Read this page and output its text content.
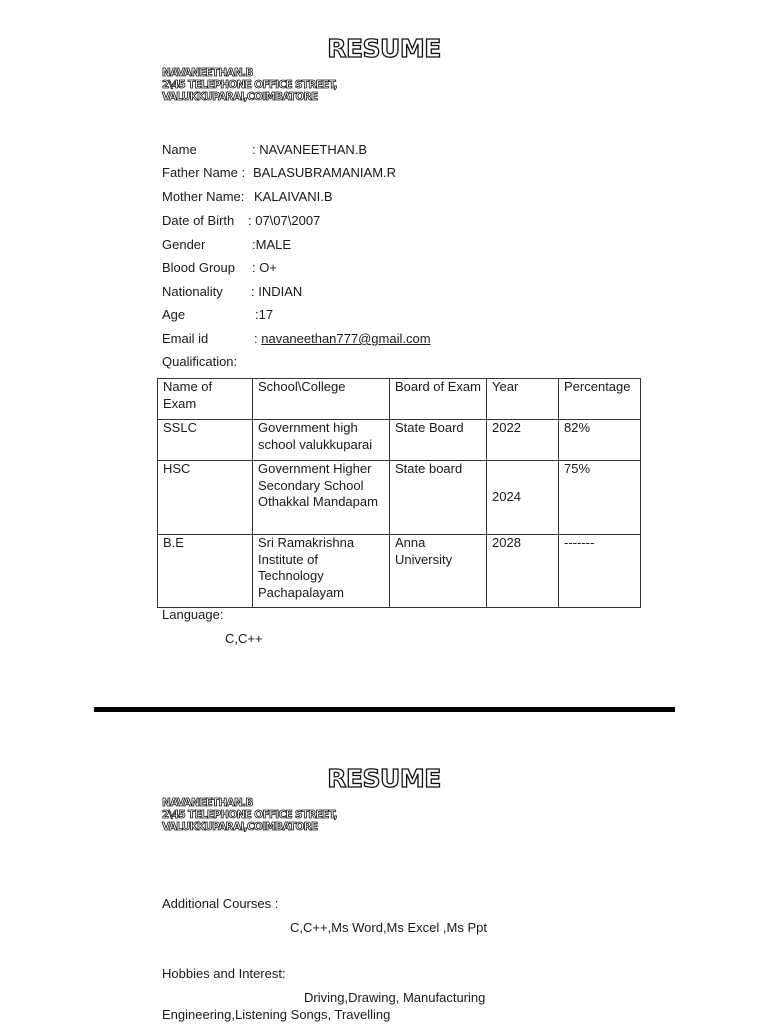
RESUME
NAVANEETHAN.B
2\45 TELEPHONE OFFICE STREET,
VALUKKUPARAI,COIMBATORE
Name	: NAVANEETHAN.B
Father Name : BALASUBRAMANIAM.R
Mother Name: KALAIVANI.B
Date of Birth : 07\07\2007
Gender	:MALE
Blood Group : O+
Nationality : INDIAN
Age	:17
Email id	: navaneethan777@gmail.com
Qualification:
Name of Exam	School\College	Board of Exam	Year	Percentage
SSLC	Government high school valukkuparai	State Board	2022	82%
HSC	Government Higher Secondary School Othakkal Mandapam	State board	2024	75%
B.E	Sri Ramakrishna Institute of Technology Pachapalayam	Anna University	2028	-------
Language:
C,C++
RESUME
NAVANEETHAN.B
2\45 TELEPHONE OFFICE STREET,
VALUKKUPARAI,COIMBATORE
Additional Courses :
C,C++,Ms Word,Ms Excel ,Ms Ppt
Hobbies and Interest:
Driving,Drawing, Manufacturing
Engineering,Listening Songs, Travelling
